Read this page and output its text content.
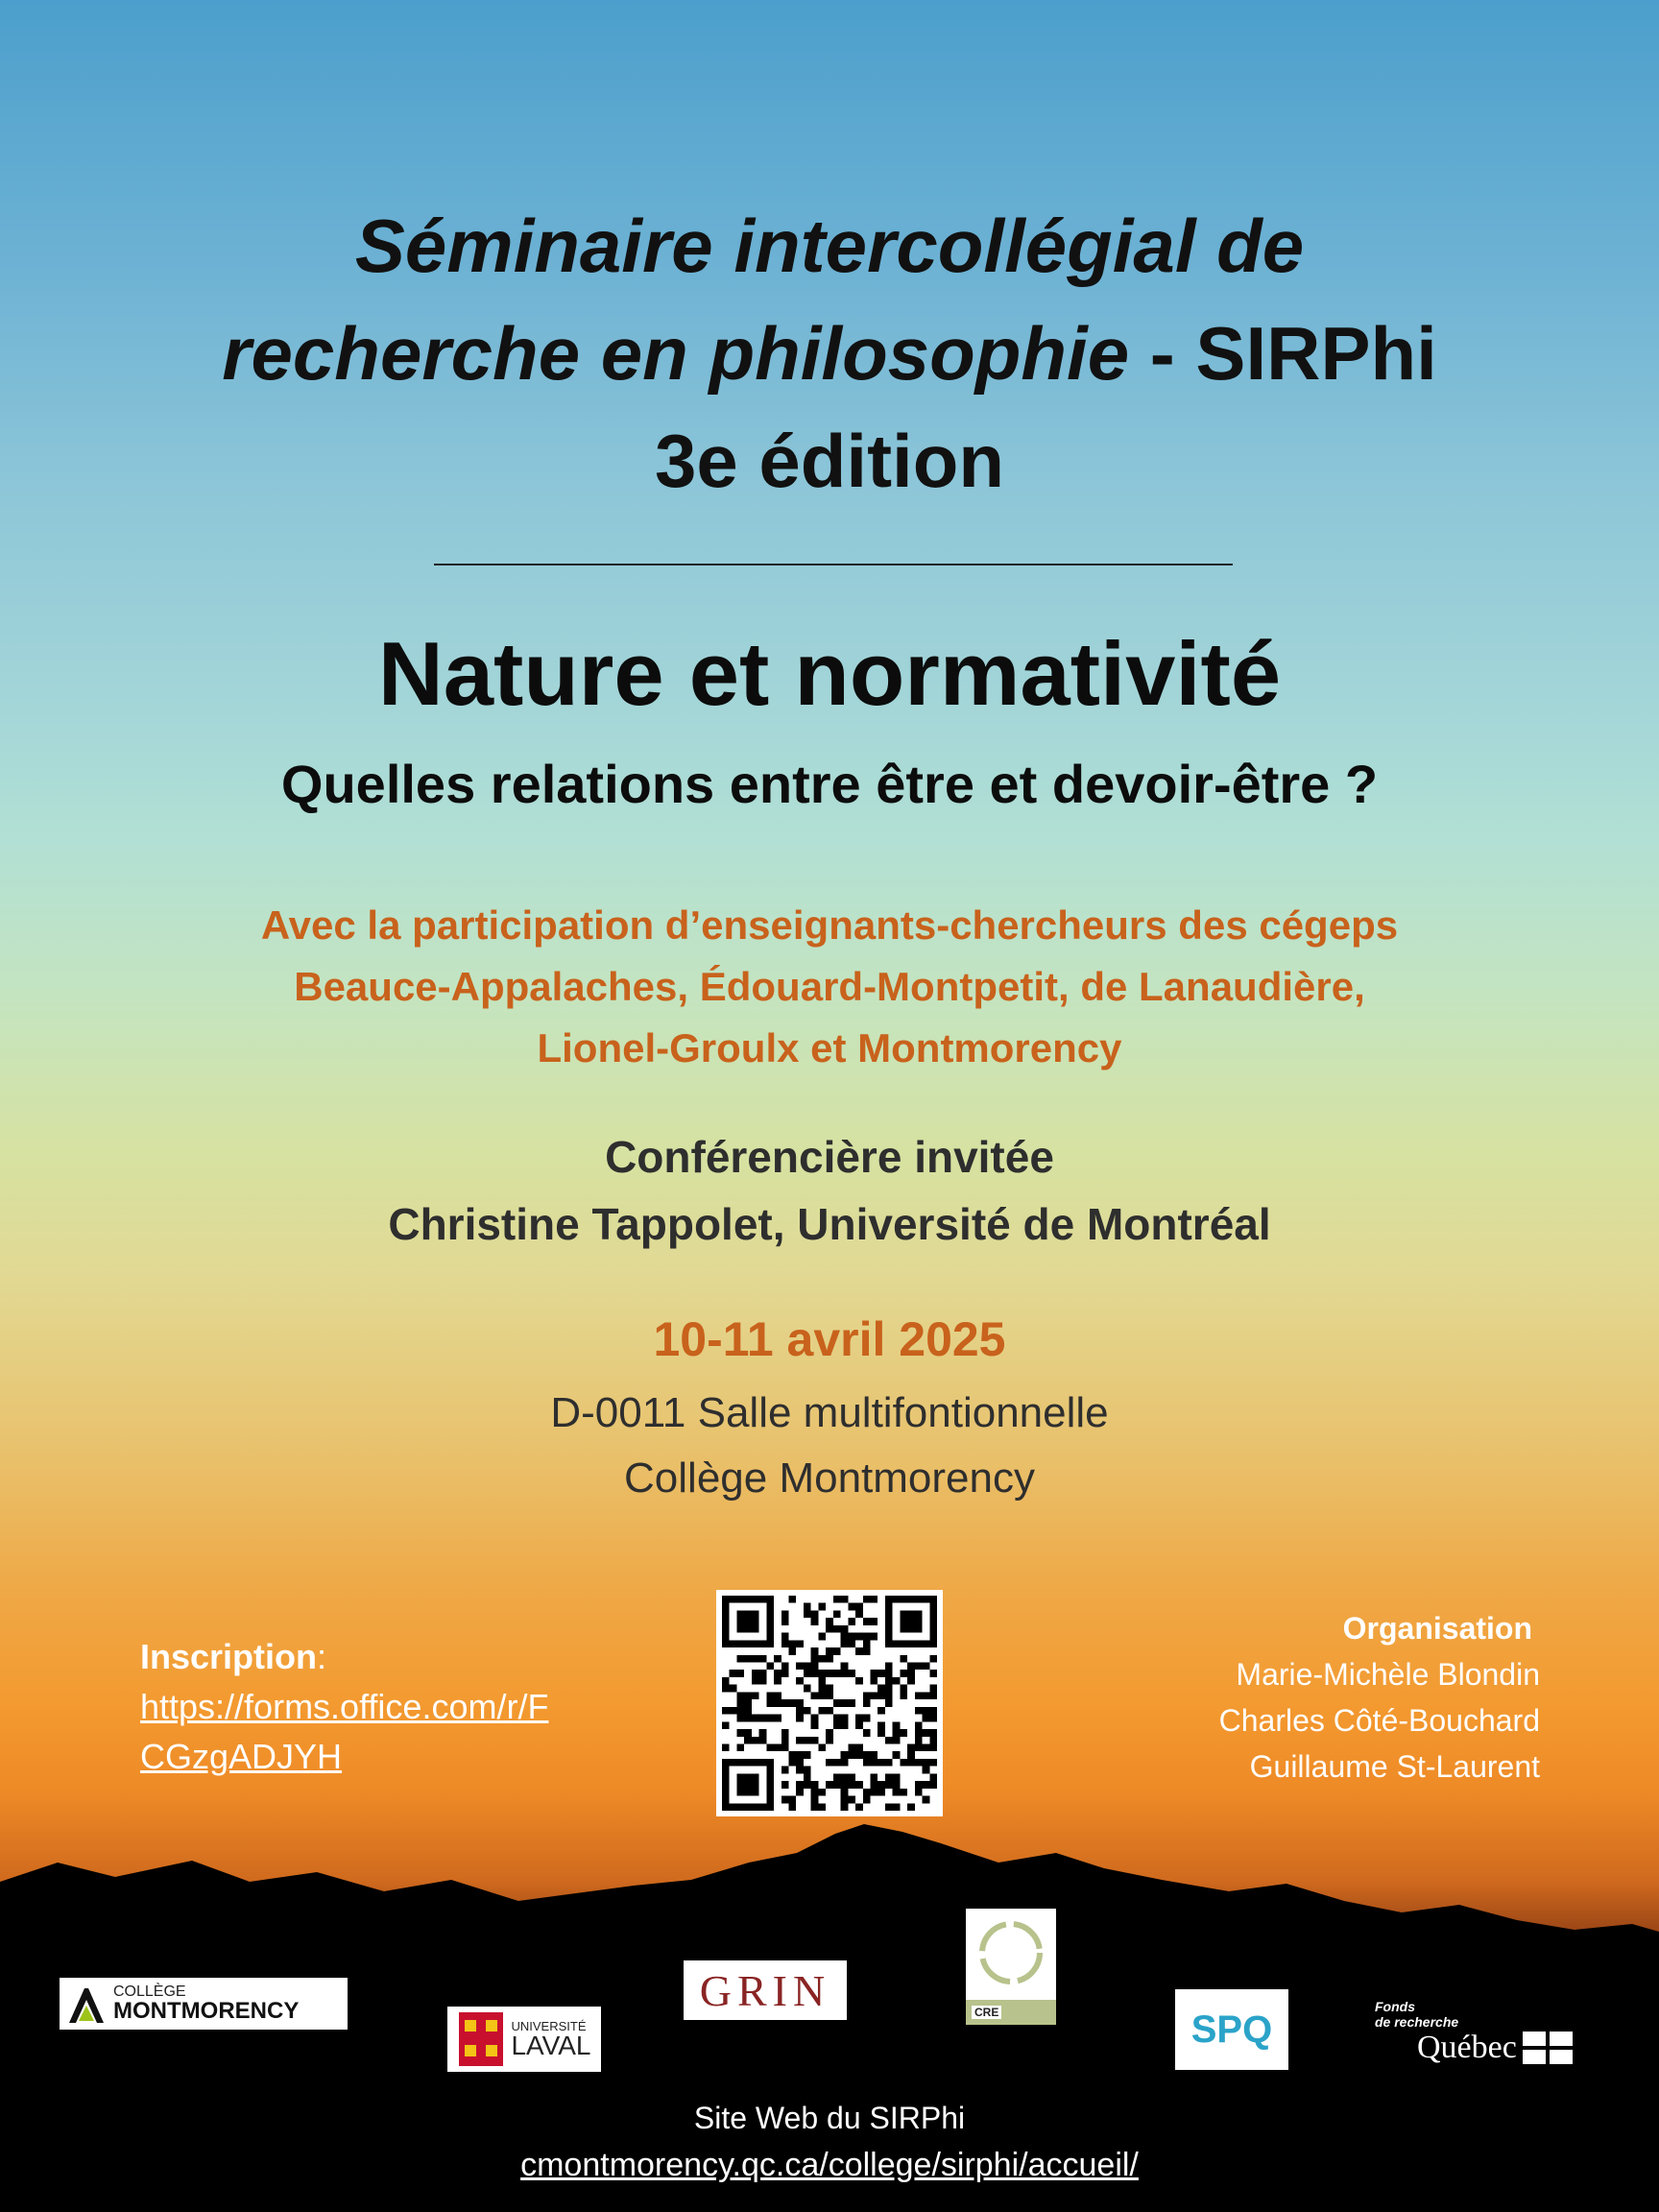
Séminaire intercollégial de
recherche en philosophie - SIRPhi
3e édition
Nature et normativité
Quelles relations entre être et devoir-être ?
Avec la participation d’enseignants-chercheurs des cégeps
Beauce-Appalaches, Édouard-Montpetit, de Lanaudière,
Lionel-Groulx et Montmorency
Conférencière invitée
Christine Tappolet, Université de Montréal
10-11 avril 2025
D-0011 Salle multifontionnelle
Collège Montmorency
Inscription:
https://forms.office.com/r/FCGzgADJYH
Organisation
Marie-Michèle Blondin
Charles Côté-Bouchard
Guillaume St-Laurent
COLLÈGE
MONTMORENCY
UNIVERSITÉ
LAVAL
GRIN	CRE	SPQ
Fonds
de recherche
Québec
Site Web du SIRPhi
cmontmorency.qc.ca/college/sirphi/accueil/
